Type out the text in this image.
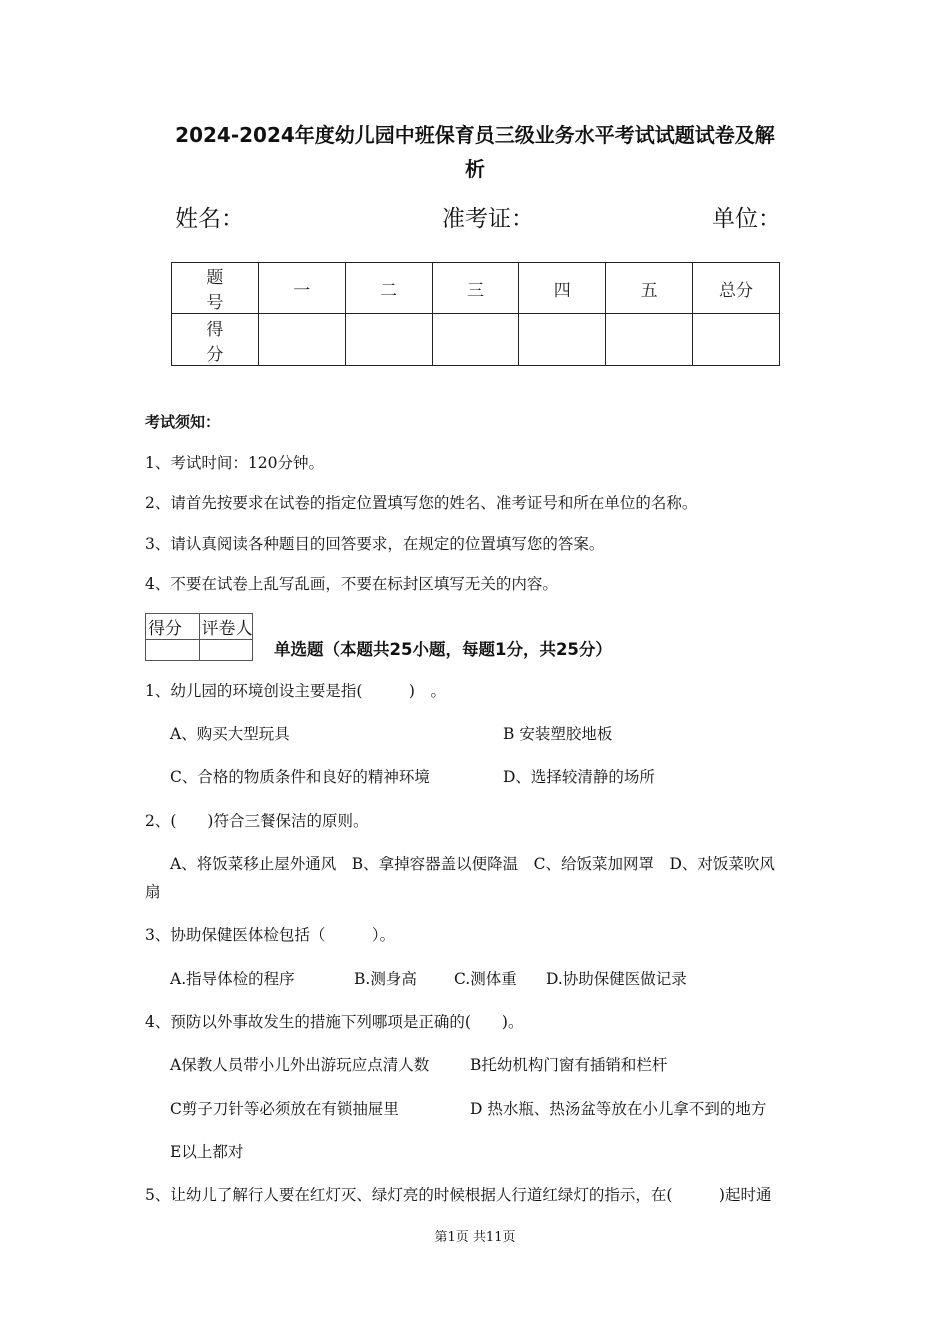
2024-2024年度幼儿园中班保育员三级业务水平考试试题试卷及解
析
姓名：	准考证：	单位：
题 号	一	二	三	四	五	总分
得 分						
考试须知：
1、考试时间：120分钟。
2、请首先按要求在试卷的指定位置填写您的姓名、准考证号和所在单位的名称。
3、请认真阅读各种题目的回答要求，在规定的位置填写您的答案。
4、不要在试卷上乱写乱画，不要在标封区填写无关的内容。
得分	评卷人

单选题（本题共25小题，每题1分，共25分）
1、幼儿园的环境创设主要是指(　　　)　。
A、购买大型玩具	B 安装塑胶地板
C、合格的物质条件和良好的精神环境	D、选择较清静的场所
2、(　　)符合三餐保洁的原则。
A、将饭菜移止屋外通风　B、拿掉容器盖以便降温　C、给饭菜加网罩　D、对饭菜吹风
扇
3、协助保健医体检包括（　　　）。
A.指导体检的程序	B.测身高 C.测体重 D.协助保健医做记录
4、预防以外事故发生的措施下列哪项是正确的(　　)。
A保教人员带小儿外出游玩应点清人数	B托幼机构门窗有插销和栏杆
C剪子刀针等必须放在有锁抽屉里	D 热水瓶、热汤盆等放在小儿拿不到的地方
E以上都对
5、让幼儿了解行人要在红灯灭、绿灯亮的时候根据人行道红绿灯的指示，在(　　　)起时通
第1页 共11页
